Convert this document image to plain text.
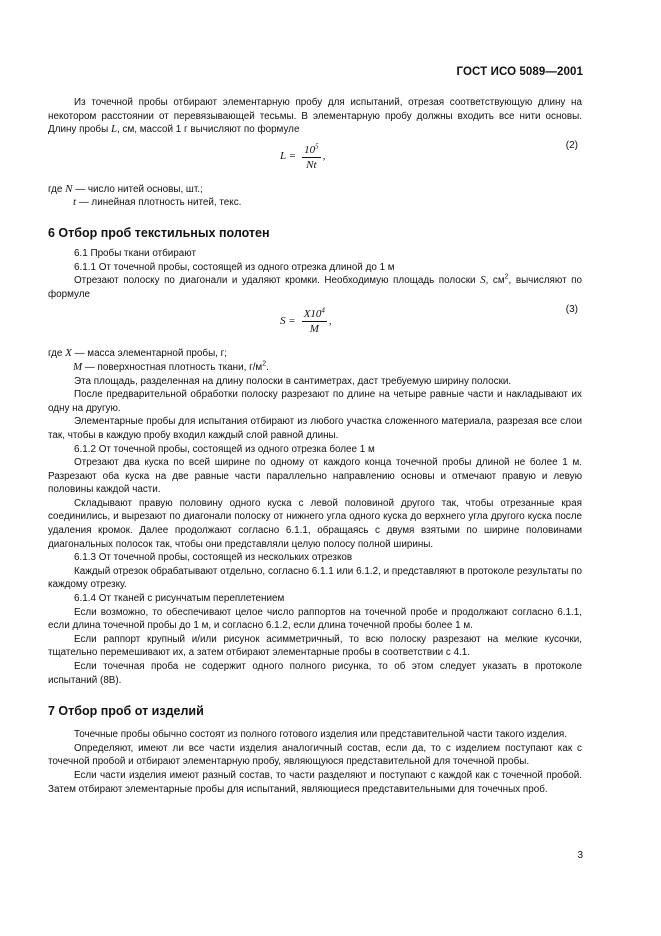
ГОСТ ИСО 5089—2001

Из точечной пробы отбирают элементарную пробу для испытаний, отрезая соответствующую длину на некотором расстоянии от перевязывающей тесьмы. В элементарную пробу должны входить все нити основы. Длину пробы L, см, массой 1 г вычисляют по формуле

$L = \frac{10^5}{Nt}$ ,
(2)

где N — число нитей основы, шт.;

t — линейная плотность нитей, текс.

6 Отбор проб текстильных полотен

6.1 Пробы ткани отбирают

6.1.1 От точечной пробы, состоящей из одного отрезка длиной до 1 м

Отрезают полоску по диагонали и удаляют кромки. Необходимую площадь полоски S, $см^2$, вычисляют по формуле

$S = \frac{X10^4}{M}$ ,
(3)

где X — масса элементарной пробы, г;

M — поверхностная плотность ткани, $г/м^2$.

Эта площадь, разделенная на длину полоски в сантиметрах, даст требуемую ширину полоски.

После предварительной обработки полоску разрезают по длине на четыре равные части и накладывают их одну на другую.

Элементарные пробы для испытания отбирают из любого участка сложенного материала, разрезая все слои так, чтобы в каждую пробу входил каждый слой равной длины.

6.1.2 От точечной пробы, состоящей из одного отрезка более 1 м

Отрезают два куска по всей ширине по одному от каждого конца точечной пробы длиной не более 1 м. Разрезают оба куска на две равные части параллельно направлению основы и отмечают правую и левую половины каждой части.

Складывают правую половину одного куска с левой половиной другого так, чтобы отрезанные края соединились, и вырезают по диагонали полоску от нижнего угла одного куска до верхнего угла другого куска после удаления кромок. Далее продолжают согласно 6.1.1, обращаясь с двумя взятыми по ширине половинами диагональных полосок так, чтобы они представляли целую полосу полной ширины.

6.1.3 От точечной пробы, состоящей из нескольких отрезков

Каждый отрезок обрабатывают отдельно, согласно 6.1.1 или 6.1.2, и представляют в протоколе результаты по каждому отрезку.

6.1.4 От тканей с рисунчатым переплетением

Если возможно, то обеспечивают целое число раппортов на точечной пробе и продолжают согласно 6.1.1, если длина точечной пробы до 1 м, и согласно 6.1.2, если длина точечной пробы более 1 м.

Если раппорт крупный и/или рисунок асимметричный, то всю полоску разрезают на мелкие кусочки, тщательно перемешивают их, а затем отбирают элементарные пробы в соответствии с 4.1.

Если точечная проба не содержит одного полного рисунка, то об этом следует указать в протоколе испытаний (8В).

7 Отбор проб от изделий

Точечные пробы обычно состоят из полного готового изделия или представительной части такого изделия.

Определяют, имеют ли все части изделия аналогичный состав, если да, то с изделием поступают как с точечной пробой и отбирают элементарную пробу, являющуюся представительной для точечной пробы.

Если части изделия имеют разный состав, то части разделяют и поступают с каждой как с точечной пробой. Затем отбирают элементарные пробы для испытаний, являющиеся представительными для точечных проб.

3
